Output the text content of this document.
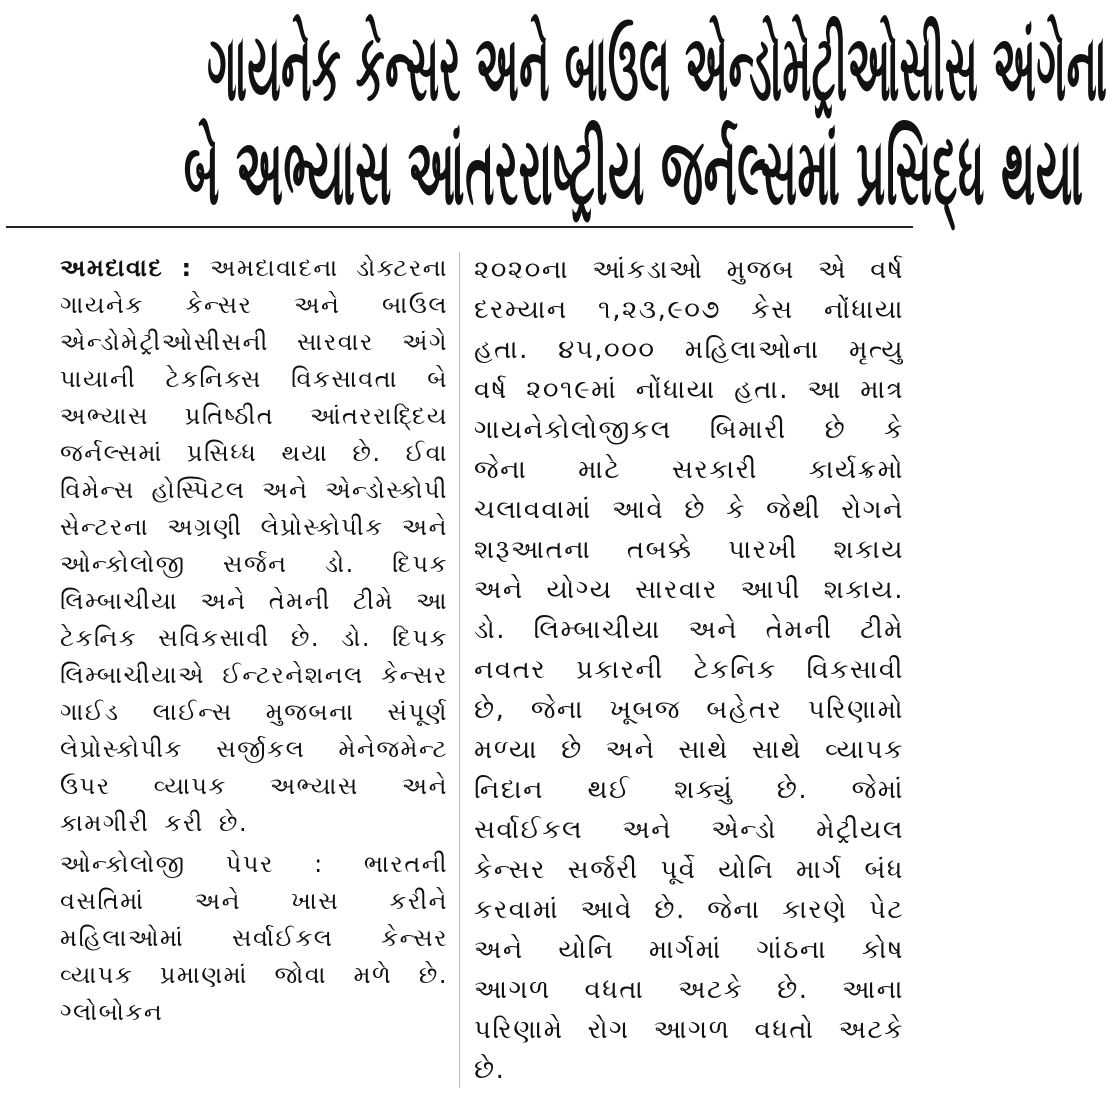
ગાયનેક કેન્સર અને બાઉલ એન્ડોમેટ્રીઓસીસ અંગેના
બે અભ્યાસ આંતરરાષ્ટ્રીય જર્નલ્સમાં પ્રસિદ્ધ થયા

અમદાવાદ : અમદાવાદના ડોક્ટરના ગાયનેક કેન્સર અને બાઉલ એન્ડોમેટ્રીઓસીસની સારવાર અંગે પાયાની ટેકનિક્સ વિકસાવતા બે અભ્યાસ પ્રતિષ્ઠીત આંતરરાદ્દિય જર્નલ્સમાં પ્રસિધ્ધ થયા છે. ઈવા વિમેન્સ હોસ્પિટલ અને એન્ડોસ્કોપી સેન્ટરના અગ્રણી લેપ્રોસ્કોપીક અને ઓન્કોલોજી સર્જન ડો. દિપક લિમ્બાચીયા અને તેમની ટીમે આ ટેકનિક સવિકસાવી છે. ડો. દિપક લિમ્બાચીયાએ ઈન્ટરનેશનલ કેન્સર ગાઈડ લાઈન્સ મુજબના સંપૂર્ણ લેપ્રોસ્કોપીક સર્જીકલ મેનેજમેન્ટ ઉપર વ્યાપક અભ્યાસ અને કામગીરી કરી છે.

ઓન્કોલોજી પેપર : ભારતની વસતિમાં અને ખાસ કરીને મહિલાઓમાં સર્વાઈકલ કેન્સર વ્યાપક પ્રમાણમાં જોવા મળે છે. ગ્લોબોકન

૨૦૨૦ના આંકડાઓ મુજબ એ વર્ષ દરમ્યાન ૧,૨૩,૯૦૭ કેસ નોંધાયા હતા. ૪૫,૦૦૦ મહિલાઓના મૃત્યુ વર્ષ ૨૦૧૯માં નોંધાયા હતા. આ માત્ર ગાયનેકોલોજીકલ બિમારી છે કે જેના માટે સરકારી કાર્યક્રમો ચલાવવામાં આવે છે કે જેથી રોગને શરૂઆતના તબક્કે પારખી શકાય અને યોગ્ય સારવાર આપી શકાય. ડો. લિમ્બાચીયા અને તેમની ટીમે નવતર પ્રકારની ટેકનિક વિકસાવી છે, જેના ખૂબજ બહેતર પરિણામો મળ્યા છે અને સાથે સાથે વ્યાપક નિદાન થઈ શક્યું છે. જેમાં સર્વાઈકલ અને એન્ડો મેટ્રીયલ કેન્સર સર્જરી પૂર્વે યોનિ માર્ગ બંધ કરવામાં આવે છે. જેના કારણે પેટ અને યોનિ માર્ગમાં ગાંઠના કોષ આગળ વધતા અટકે છે. આના પરિણામે રોગ આગળ વધતો અટકે છે.
